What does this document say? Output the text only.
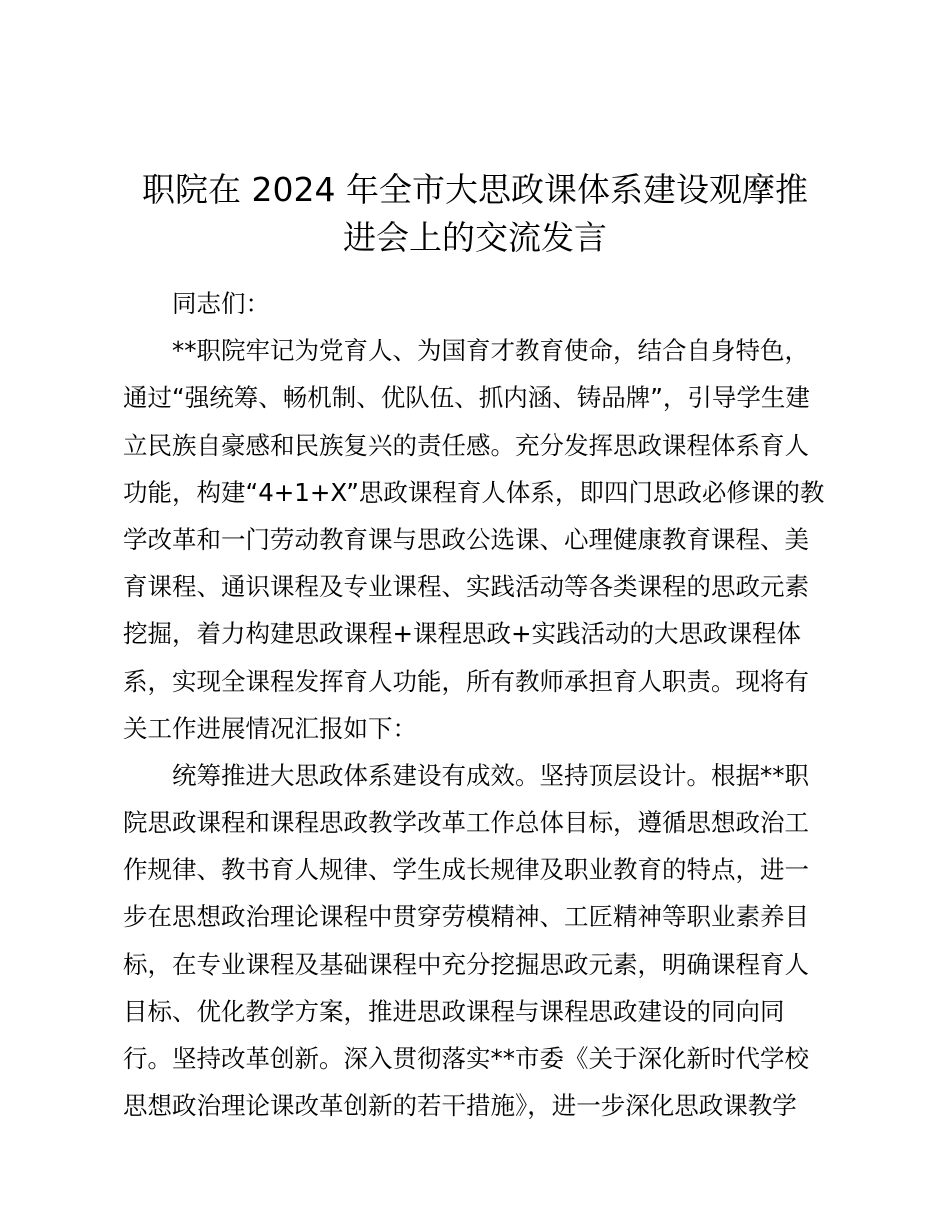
职院在 2024 年全市大思政课体系建设观摩推
进会上的交流发言
同志们：
**职院牢记为党育人、为国育才教育使命，结合自身特色，
通过“强统筹、畅机制、优队伍、抓内涵、铸品牌”，引导学生建
立民族自豪感和民族复兴的责任感。充分发挥思政课程体系育人
功能，构建“4+1+X”思政课程育人体系，即四门思政必修课的教
学改革和一门劳动教育课与思政公选课、心理健康教育课程、美
育课程、通识课程及专业课程、实践活动等各类课程的思政元素
挖掘，着力构建思政课程+课程思政+实践活动的大思政课程体
系，实现全课程发挥育人功能，所有教师承担育人职责。现将有
关工作进展情况汇报如下：
统筹推进大思政体系建设有成效。坚持顶层设计。根据**职
院思政课程和课程思政教学改革工作总体目标，遵循思想政治工
作规律、教书育人规律、学生成长规律及职业教育的特点，进一
步在思想政治理论课程中贯穿劳模精神、工匠精神等职业素养目
标，在专业课程及基础课程中充分挖掘思政元素，明确课程育人
目标、优化教学方案，推进思政课程与课程思政建设的同向同
行。坚持改革创新。深入贯彻落实**市委《关于深化新时代学校
思想政治理论课改革创新的若干措施》，进一步深化思政课教学
